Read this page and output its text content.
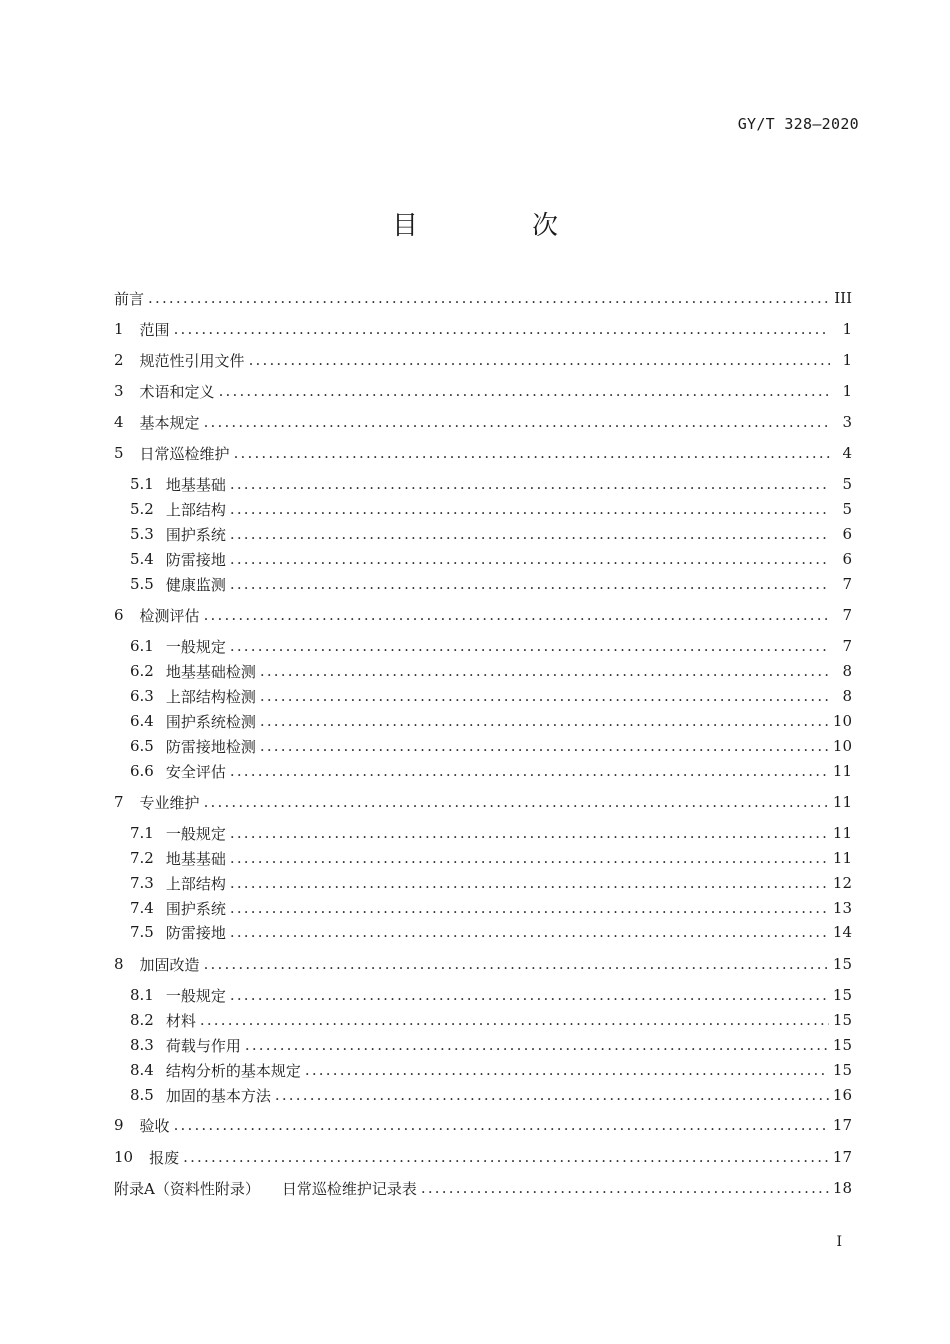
GY/T 328—2020
目　次
前言 .....	III
1 范围 .....	1
2 规范性引用文件 .....	1
3 术语和定义 .....	1
4 基本规定 .....	3
5 日常巡检维护 .....	4
5.1 地基基础 .....	5
5.2 上部结构 .....	5
5.3 围护系统 .....	6
5.4 防雷接地 .....	6
5.5 健康监测 .....	7
6 检测评估 .....	7
6.1 一般规定 .....	7
6.2 地基基础检测 .....	8
6.3 上部结构检测 .....	8
6.4 围护系统检测 .....	10
6.5 防雷接地检测 .....	10
6.6 安全评估 .....	11
7 专业维护 .....	11
7.1 一般规定 .....	11
7.2 地基基础 .....	11
7.3 上部结构 .....	12
7.4 围护系统 .....	13
7.5 防雷接地 .....	14
8 加固改造 .....	15
8.1 一般规定 .....	15
8.2 材料 .....	15
8.3 荷载与作用 .....	15
8.4 结构分析的基本规定 .....	15
8.5 加固的基本方法 .....	16
9 验收 .....	17
10 报废 .....	17
附录A（资料性附录） 日常巡检维护记录表 .....	18
I
